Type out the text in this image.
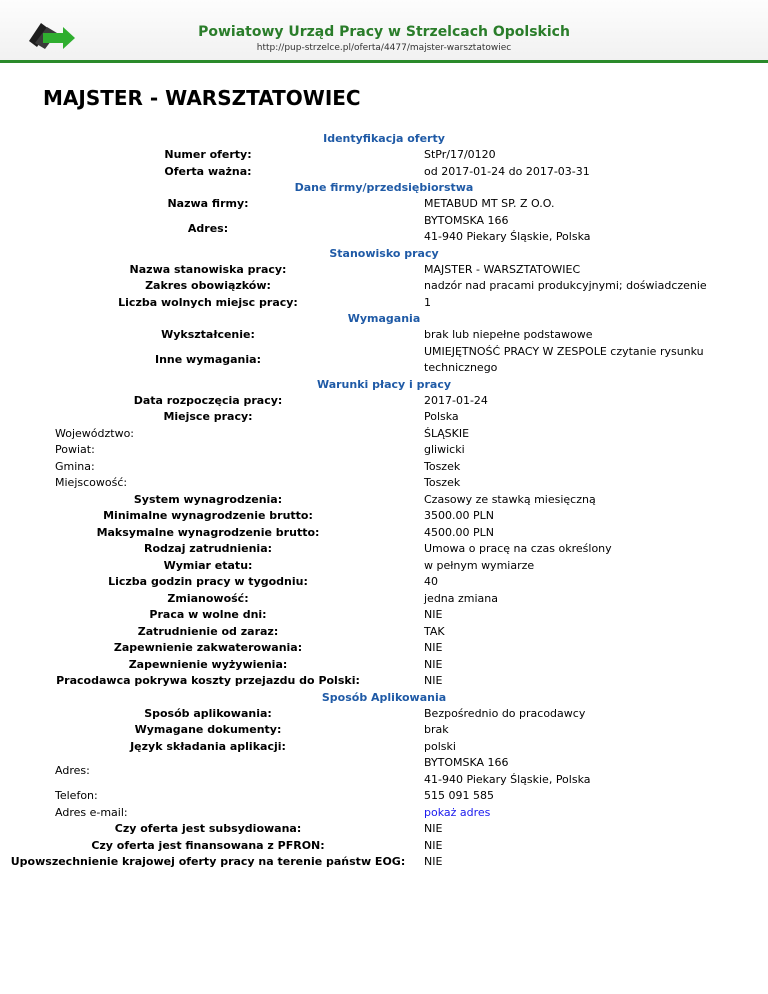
Powiatowy Urząd Pracy w Strzelcach Opolskich
http://pup-strzelce.pl/oferta/4477/majster-warsztatowiec
MAJSTER - WARSZTATOWIEC
Identyfikacja oferty
Numer oferty:	StPr/17/0120
Oferta ważna:	od 2017-01-24 do 2017-03-31
Dane firmy/przedsiębiorstwa
Nazwa firmy:	METABUD MT SP. Z O.O.
Adres:
BYTOMSKA 166
41-940 Piekary Śląskie, Polska
Stanowisko pracy
Nazwa stanowiska pracy:	MAJSTER - WARSZTATOWIEC
Zakres obowiązków:	nadzór nad pracami produkcyjnymi; doświadczenie
Liczba wolnych miejsc pracy:	1
Wymagania
Wykształcenie:	brak lub niepełne podstawowe
Inne wymagania:
UMIEJĘTNOŚĆ PRACY W ZESPOLE czytanie rysunku technicznego
Warunki płacy i pracy
Data rozpoczęcia pracy:	2017-01-24
Miejsce pracy:	Polska
Województwo:	ŚLĄSKIE
Powiat:	gliwicki
Gmina:	Toszek
Miejscowość:	Toszek
System wynagrodzenia:	Czasowy ze stawką miesięczną
Minimalne wynagrodzenie brutto:	3500.00 PLN
Maksymalne wynagrodzenie brutto:	4500.00 PLN
Rodzaj zatrudnienia:	Umowa o pracę na czas określony
Wymiar etatu:	w pełnym wymiarze
Liczba godzin pracy w tygodniu:	40
Zmianowość:	jedna zmiana
Praca w wolne dni:	NIE
Zatrudnienie od zaraz:	TAK
Zapewnienie zakwaterowania:	NIE
Zapewnienie wyżywienia:	NIE
Pracodawca pokrywa koszty przejazdu do Polski:	NIE
Sposób Aplikowania
Sposób aplikowania:	Bezpośrednio do pracodawcy
Wymagane dokumenty:	brak
Język składania aplikacji:	polski
Adres:
BYTOMSKA 166
41-940 Piekary Śląskie, Polska
Telefon:	515 091 585
Adres e-mail:	pokaż adres
Czy oferta jest subsydiowana:	NIE
Czy oferta jest finansowana z PFRON:	NIE
Upowszechnienie krajowej oferty pracy na terenie państw EOG:	NIE
